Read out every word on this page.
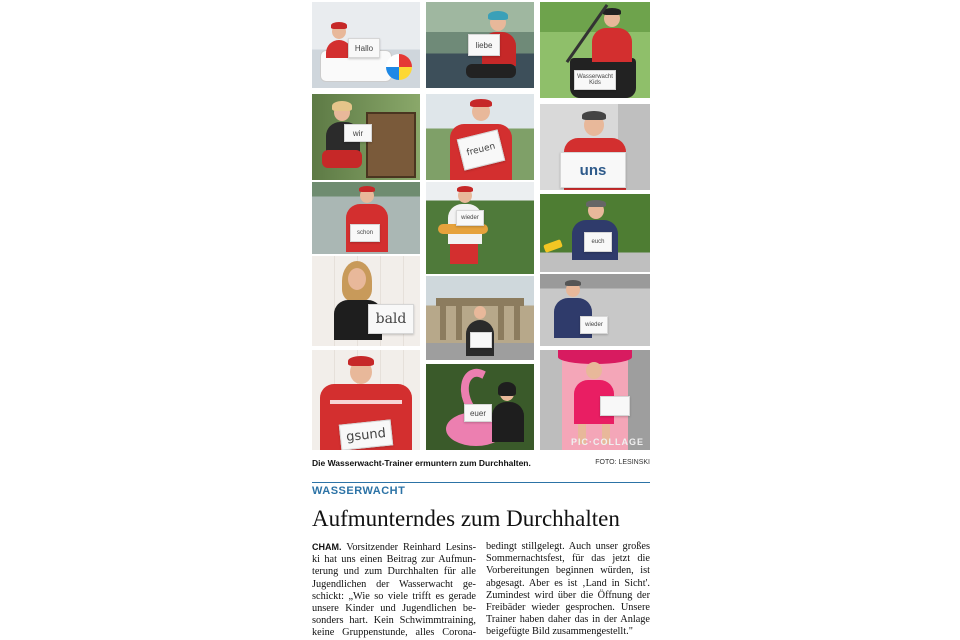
Hallo	liebe
Wasserwacht Kids
wir
freuen
uns
schon
wieder
euch
bald	wieder
gsund
euer
PIC·COLLAGE
Die Wasserwacht-Trainer ermuntern zum Durchhalten.	FOTO: LESINSKI
WASSERWACHT
Aufmunterndes zum Durchhalten
CHAM. Vorsitzender Reinhard Lesins-
ki hat uns einen Beitrag zur Aufmun-
terung und zum Durchhalten für alle
Jugendlichen der Wasserwacht ge-
schickt: „Wie so viele trifft es gerade
unsere Kinder und Jugendlichen be-
sonders hart. Kein Schwimmtraining,
keine Gruppenstunde, alles Corona-
bedingt stillgelegt. Auch unser großes
Sommernachtsfest, für das jetzt die
Vorbereitungen beginnen würden, ist
abgesagt. Aber es ist ‚Land in Sicht'.
Zumindest wird über die Öffnung der
Freibäder wieder gesprochen. Unsere
Trainer haben daher das in der Anlage
beigefügte Bild zusammengestellt."
